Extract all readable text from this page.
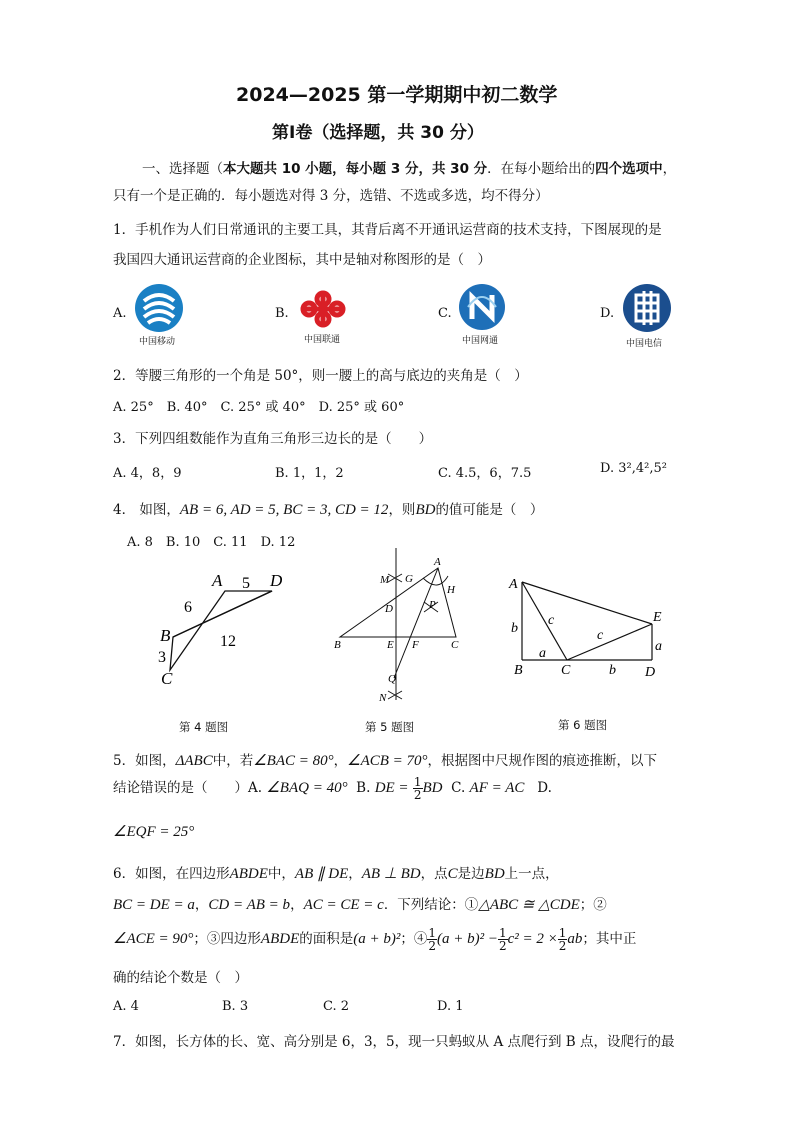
2024—2025 第一学期期中初二数学
第Ⅰ卷（选择题，共 30 分）
一、选择题（本大题共 10 小题，每小题 3 分，共 30 分．在每小题给出的四个选项中，
只有一个是正确的．每小题选对得 3 分，选错、不选或多选，均不得分）
1．手机作为人们日常通讯的主要工具，其背后离不开通讯运营商的技术支持，下图展现的是
我国四大通讯运营商的企业图标，其中是轴对称图形的是（　）
A.
中国移动
B.
中国联通
C.
中国网通
D.
中国电信
2．等腰三角形的一个角是 50°，则一腰上的高与底边的夹角是（　）
A. 25°　B. 40°　C. 25° 或 40°　D. 25° 或 60°
3．下列四组数能作为直角三角形三边长的是（　　）
A. 4，8，9	B. 1，1，2	C. 4.5，6，7.5	D. 3²,4²,5²
4． 如图，AB = 6, AD = 5, BC = 3, CD = 12，则BD的值可能是（　）
A. 8　B. 10　C. 11　D. 12
A	D
B
C
6
5
3
12
第 4 题图
A
M G
H
D	P
B	E F	C
Q
N
第 5 题图
A
B	C	D
E
b
a
c
c
b
a
第 6 题图
5．如图，ΔABC中，若∠BAC = 80°，∠ACB = 70°，根据图中尺规作图的痕迹推断，以下
结论错误的是（　　）A. ∠BAQ = 40° B. DE = $\frac{1}{2}$ BD C. AF = AC D.
∠EQF = 25°
6．如图，在四边形ABDE中，AB ∥ DE，AB ⊥ BD，点C是边BD上一点，
BC = DE = a，CD = AB = b，AC = CE = c．下列结论：①△ABC ≅ △CDE；②
∠ACE = 90°；③四边形ABDE的面积是(a + b)²；④ $\frac{1}{2} (a + b)^2 - \frac{1}{2} c^2 = 2 \times \frac{1}{2}$ ab；其中正
确的结论个数是（　）
A. 4	B. 3	C. 2	D. 1
7．如图，长方体的长、宽、高分别是 6，3，5，现一只蚂蚁从 A 点爬行到 B 点，设爬行的最
